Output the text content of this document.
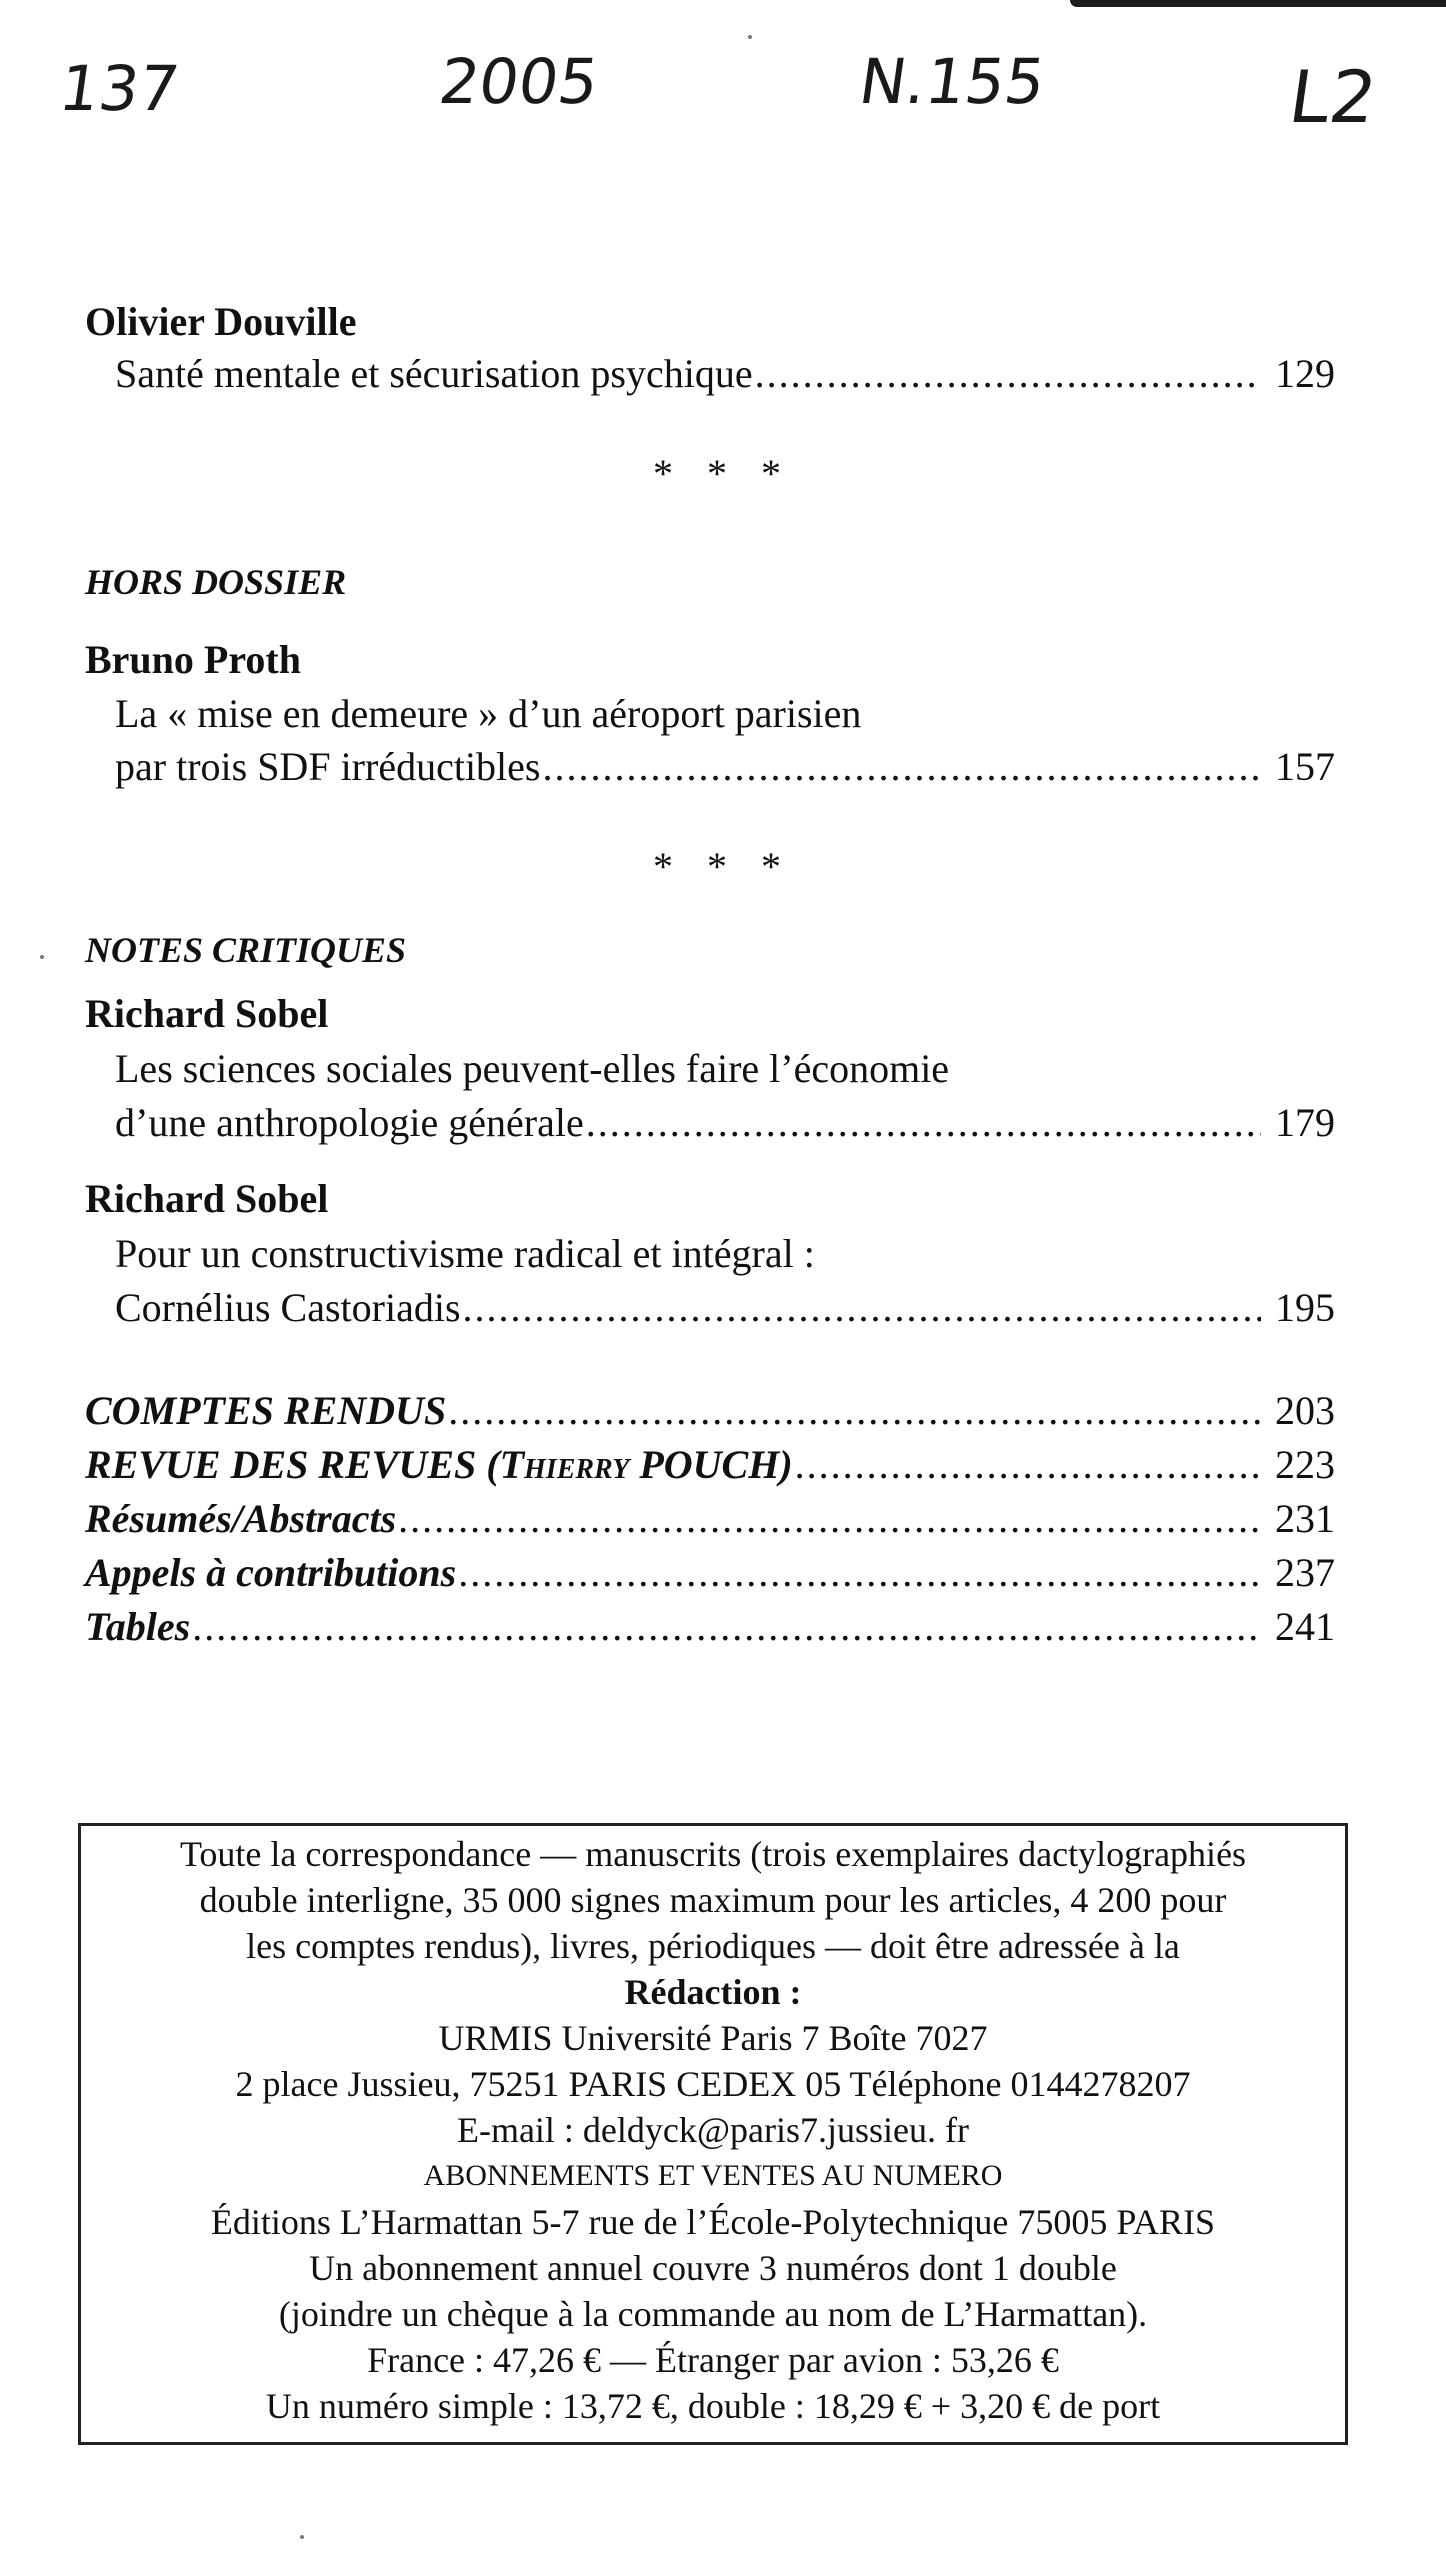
137	2005	N.155	L2
Olivier Douville
Santé mentale et sécurisation psychique .....	129
* * *
HORS DOSSIER
Bruno Proth
La « mise en demeure » d’un aéroport parisien
par trois SDF irréductibles .....	157
* * *
NOTES CRITIQUES
Richard Sobel
Les sciences sociales peuvent-elles faire l’économie
d’une anthropologie générale .....	179
Richard Sobel
Pour un constructivisme radical et intégral :
Cornélius Castoriadis .....	195
COMPTES RENDUS .....	203
REVUE DES REVUES (Thierry POUCH) .....	223
Résumés/Abstracts .....	231
Appels à contributions .....	237
Tables .....	241
Toute la correspondance — manuscrits (trois exemplaires dactylographiés
double interligne, 35 000 signes maximum pour les articles, 4 200 pour
les comptes rendus), livres, périodiques — doit être adressée à la
Rédaction :
URMIS Université Paris 7 Boîte 7027
2 place Jussieu, 75251 PARIS CEDEX 05 Téléphone 0144278207
E-mail : deldyck@paris7.jussieu. fr
ABONNEMENTS ET VENTES AU NUMERO
Éditions L’Harmattan 5-7 rue de l’École-Polytechnique 75005 PARIS
Un abonnement annuel couvre 3 numéros dont 1 double
(joindre un chèque à la commande au nom de L’Harmattan).
France : 47,26 € — Étranger par avion : 53,26 €
Un numéro simple : 13,72 €, double : 18,29 € + 3,20 € de port
